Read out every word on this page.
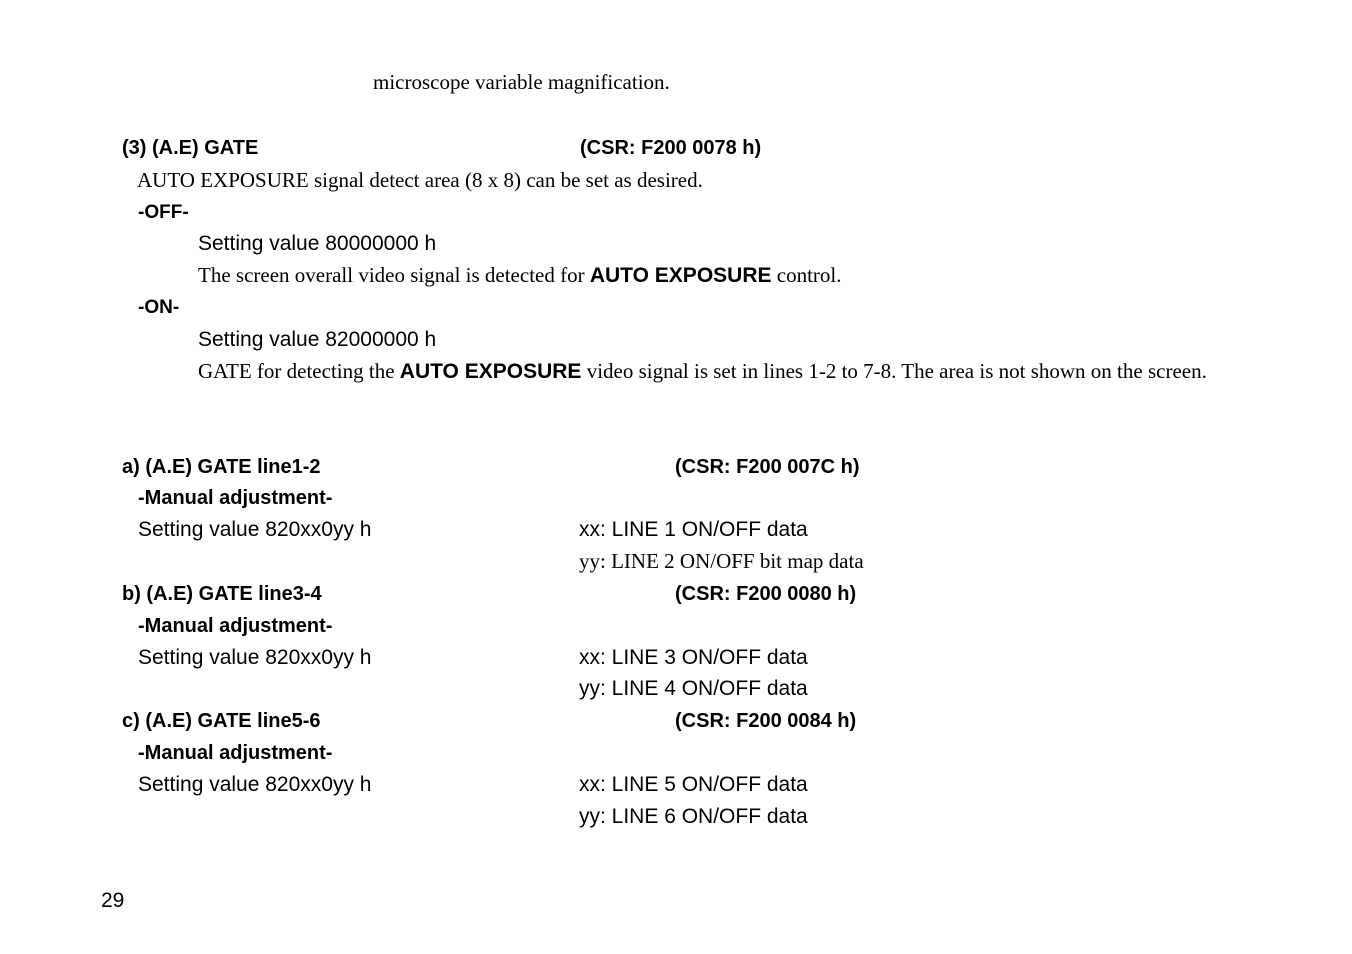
microscope variable magnification.
(3) (A.E) GATE	(CSR: F200 0078 h)
AUTO EXPOSURE signal detect area (8 x 8) can be set as desired.
-OFF-
Setting value 80000000 h
The screen overall video signal is detected for AUTO EXPOSURE control.
-ON-
Setting value 82000000 h
GATE for detecting the AUTO EXPOSURE video signal is set in lines 1-2 to 7-8. The area is not shown on the screen.
a) (A.E) GATE line1-2	(CSR: F200 007C h)
-Manual adjustment-
Setting value 820xx0yy h	xx: LINE 1 ON/OFF data
yy: LINE 2 ON/OFF bit map data
b) (A.E) GATE line3-4	(CSR: F200 0080 h)
-Manual adjustment-
Setting value 820xx0yy h	xx: LINE 3 ON/OFF data
yy: LINE 4 ON/OFF data
c) (A.E) GATE line5-6	(CSR: F200 0084 h)
-Manual adjustment-
Setting value 820xx0yy h	xx: LINE 5 ON/OFF data
yy: LINE 6 ON/OFF data
29
